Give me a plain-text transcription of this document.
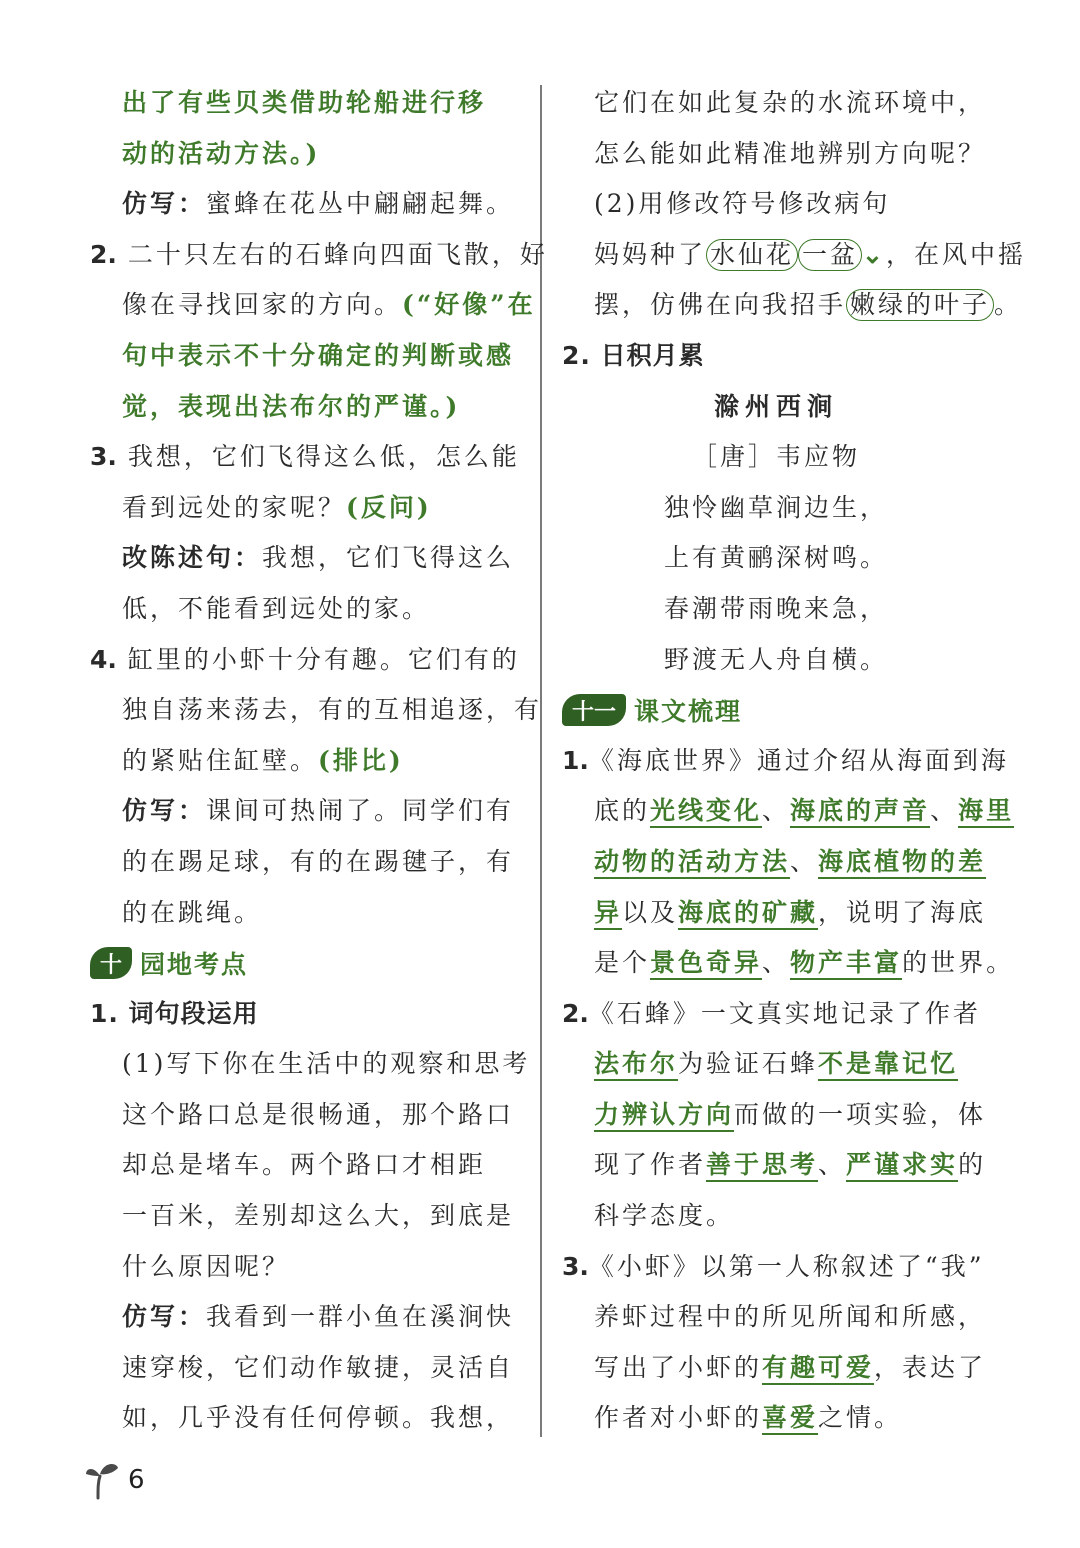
出了有些贝类借助轮船进行移
动的活动方法。)
仿写：蜜蜂在花丛中翩翩起舞。
2. 二十只左右的石蜂向四面飞散，好
像在寻找回家的方向。(“好像”在
句中表示不十分确定的判断或感
觉，表现出法布尔的严谨。)
3. 我想，它们飞得这么低，怎么能
看到远处的家呢？(反问)
改陈述句：我想，它们飞得这么
低，不能看到远处的家。
4. 缸里的小虾十分有趣。它们有的
独自荡来荡去，有的互相追逐，有
的紧贴住缸壁。(排比)
仿写：课间可热闹了。同学们有
的在踢足球，有的在踢毽子，有
的在跳绳。
十 园地考点
1. 词句段运用
(1)写下你在生活中的观察和思考
这个路口总是很畅通，那个路口
却总是堵车。两个路口才相距
一百米，差别却这么大，到底是
什么原因呢？
仿写：我看到一群小鱼在溪涧快
速穿梭，它们动作敏捷，灵活自
如，几乎没有任何停顿。我想，
它们在如此复杂的水流环境中，
怎么能如此精准地辨别方向呢？
(2)用修改符号修改病句
妈妈种了 水仙花 一盆 ⌄，在风中摇
摆，仿佛在向我招手 嫩绿的叶子 。
2. 日积月累
滁州西涧
［唐］韦应物
独怜幽草涧边生，
上有黄鹂深树鸣。
春潮带雨晚来急，
野渡无人舟自横。
十一 课文梳理
1.《海底世界》通过介绍从海面到海
底的光线变化、海底的声音、海里
动物的活动方法、海底植物的差
异以及海底的矿藏，说明了海底
是个景色奇异、物产丰富的世界。
2.《石蜂》一文真实地记录了作者
法布尔为验证石蜂不是靠记忆
力辨认方向而做的一项实验，体
现了作者善于思考、严谨求实的
科学态度。
3.《小虾》以第一人称叙述了“我”
养虾过程中的所见所闻和所感，
写出了小虾的有趣可爱，表达了
作者对小虾的喜爱之情。
6
